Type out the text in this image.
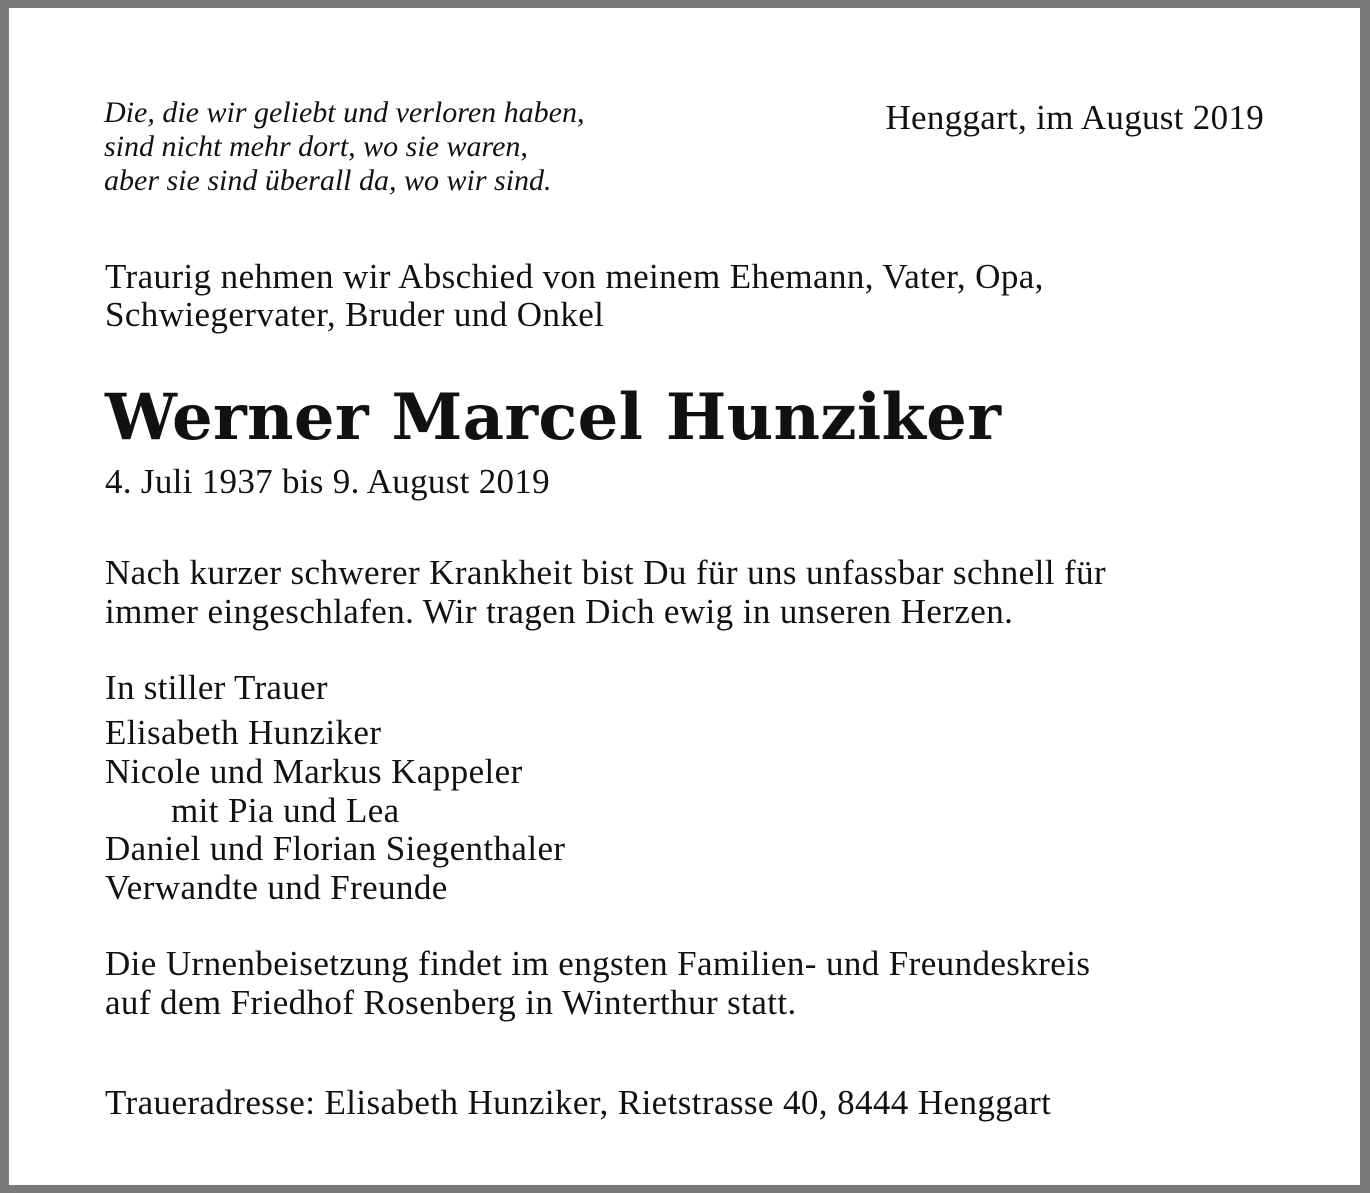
Die, die wir geliebt und verloren haben,
sind nicht mehr dort, wo sie waren,
aber sie sind überall da, wo wir sind.
Henggart, im August 2019
Traurig nehmen wir Abschied von meinem Ehemann, Vater, Opa,
Schwiegervater, Bruder und Onkel
Werner Marcel Hunziker
4. Juli 1937 bis 9. August 2019
Nach kurzer schwerer Krankheit bist Du für uns unfassbar schnell für
immer eingeschlafen. Wir tragen Dich ewig in unseren Herzen.
In stiller Trauer
Elisabeth Hunziker
Nicole und Markus Kappeler
mit Pia und Lea
Daniel und Florian Siegenthaler
Verwandte und Freunde
Die Urnenbeisetzung findet im engsten Familien- und Freundeskreis
auf dem Friedhof Rosenberg in Winterthur statt.
Traueradresse: Elisabeth Hunziker, Rietstrasse 40, 8444 Henggart
